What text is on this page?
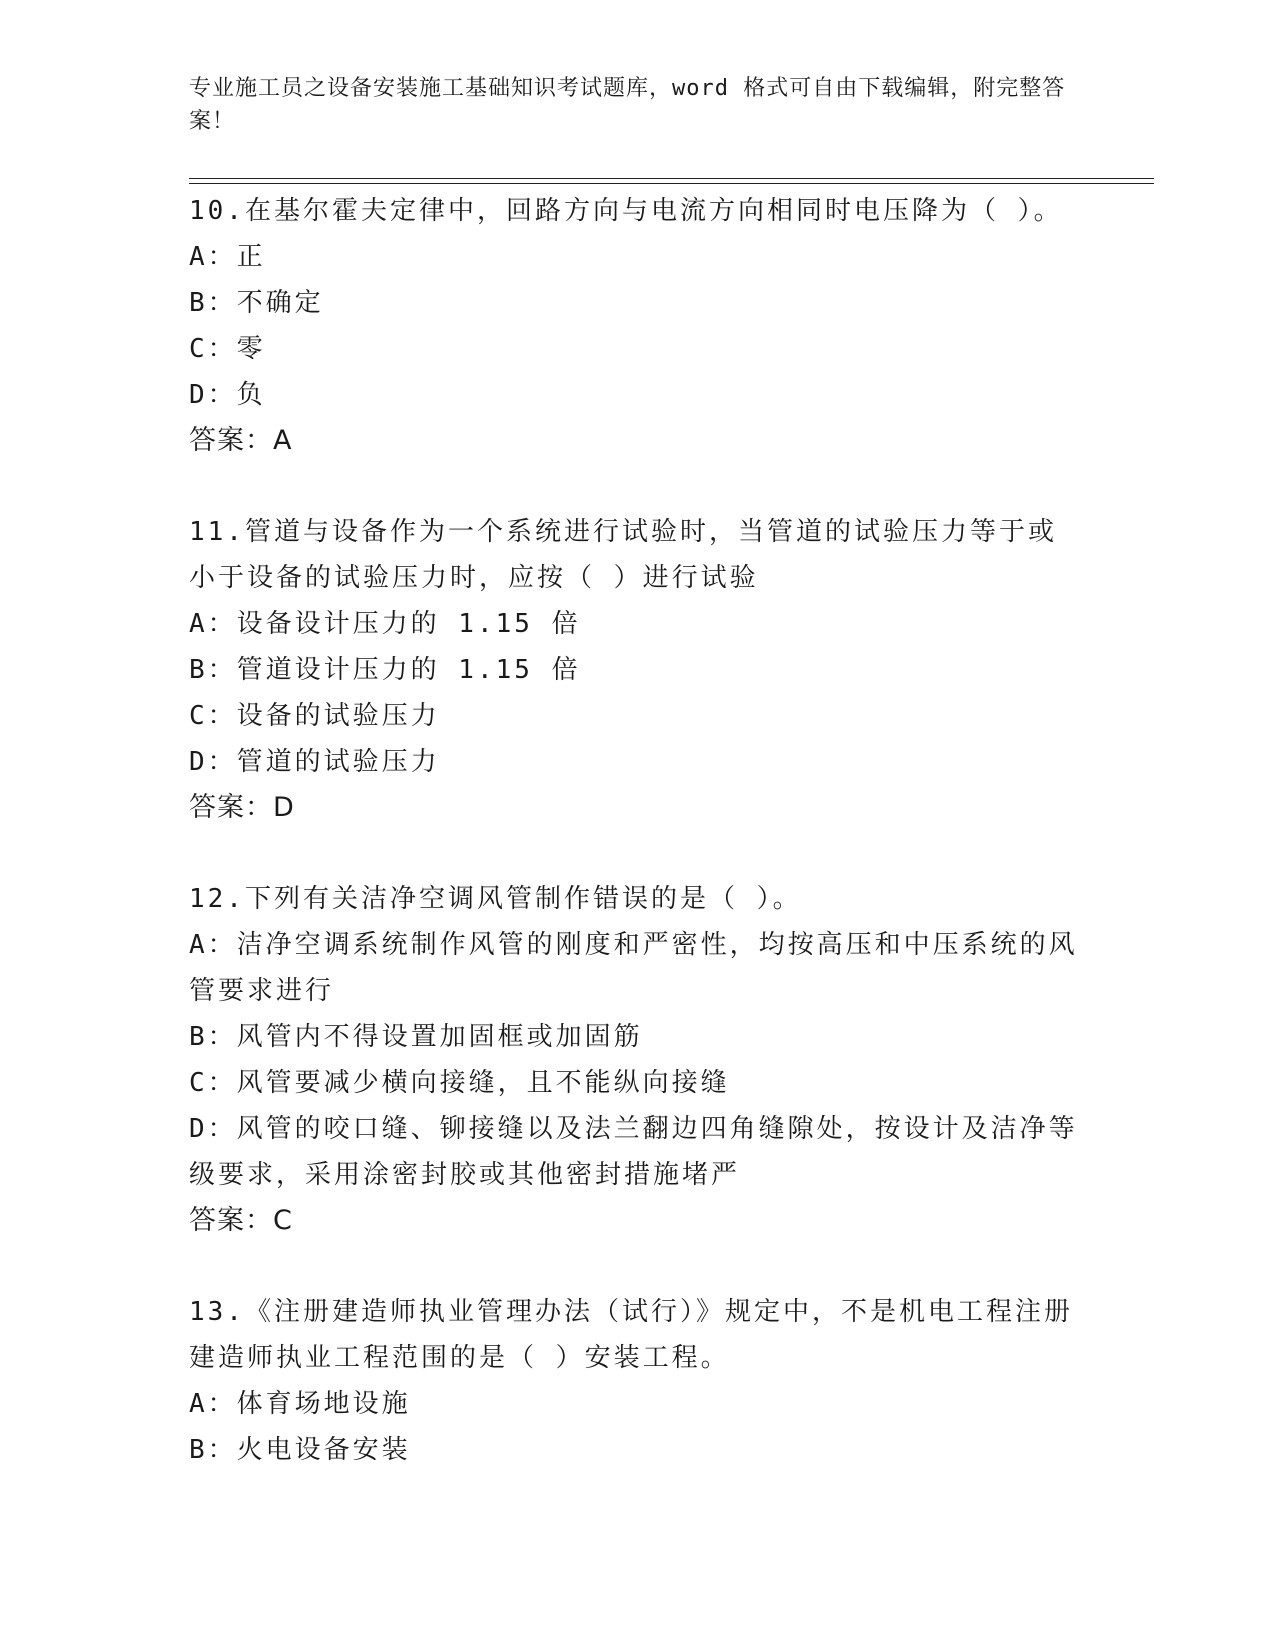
专业施工员之设备安装施工基础知识考试题库，word 格式可自由下载编辑，附完整答案！

10.在基尔霍夫定律中，回路方向与电流方向相同时电压降为（ ）。

A：正

B：不确定

C：零

D：负

答案：A

11.管道与设备作为一个系统进行试验时，当管道的试验压力等于或小于设备的试验压力时，应按（ ）进行试验

A：设备设计压力的 1.15 倍

B：管道设计压力的 1.15 倍

C：设备的试验压力

D：管道的试验压力

答案：D

12.下列有关洁净空调风管制作错误的是（ ）。

A：洁净空调系统制作风管的刚度和严密性，均按高压和中压系统的风管要求进行

B：风管内不得设置加固框或加固筋

C：风管要减少横向接缝，且不能纵向接缝

D：风管的咬口缝、铆接缝以及法兰翻边四角缝隙处，按设计及洁净等级要求，采用涂密封胶或其他密封措施堵严

答案：C

13.《注册建造师执业管理办法（试行）》规定中，不是机电工程注册建造师执业工程范围的是（ ）安装工程。

A：体育场地设施

B：火电设备安装
